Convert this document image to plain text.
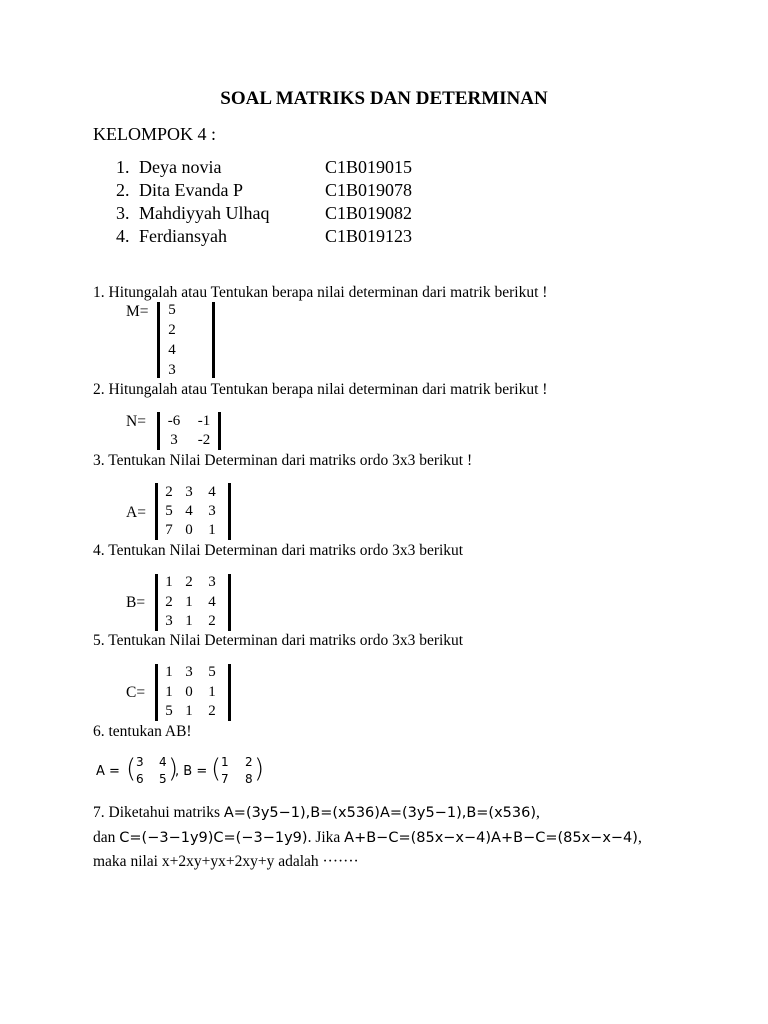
SOAL MATRIKS DAN DETERMINAN
KELOMPOK 4 :
1. Deya novia	C1B019015
2. Dita Evanda P	C1B019078
3. Mahdiyyah Ulhaq	C1B019082
4. Ferdiansyah	C1B019123
1. Hitungalah atau Tentukan berapa nilai determinan dari matrik berikut !
M= 5
2
4
3
2. Hitungalah atau Tentukan berapa nilai determinan dari matrik berikut !
N=	-6	-1
3	-2
3. Tentukan Nilai Determinan dari matriks ordo 3x3 berikut !
A=
2 3 4
5 4 3
7 0 1
4. Tentukan Nilai Determinan dari matriks ordo 3x3 berikut
B=
1 2 3
2 1 4
3 1 2
5. Tentukan Nilai Determinan dari matriks ordo 3x3 berikut
C=
1 3 5
1 0 1
5 1 2
6. tentukan AB!
A = ( 3 4
6 5 )
, B = ( 1 2
7 8 )
7. Diketahui matriks A=(3y5−1),B=(x536)A=(3y5−1),B=(x536),
dan C=(−3−1y9)C=(−3−1y9). Jika A+B−C=(85x−x−4)A+B−C=(85x−x−4),
maka nilai x+2xy+yx+2xy+y adalah ·······
